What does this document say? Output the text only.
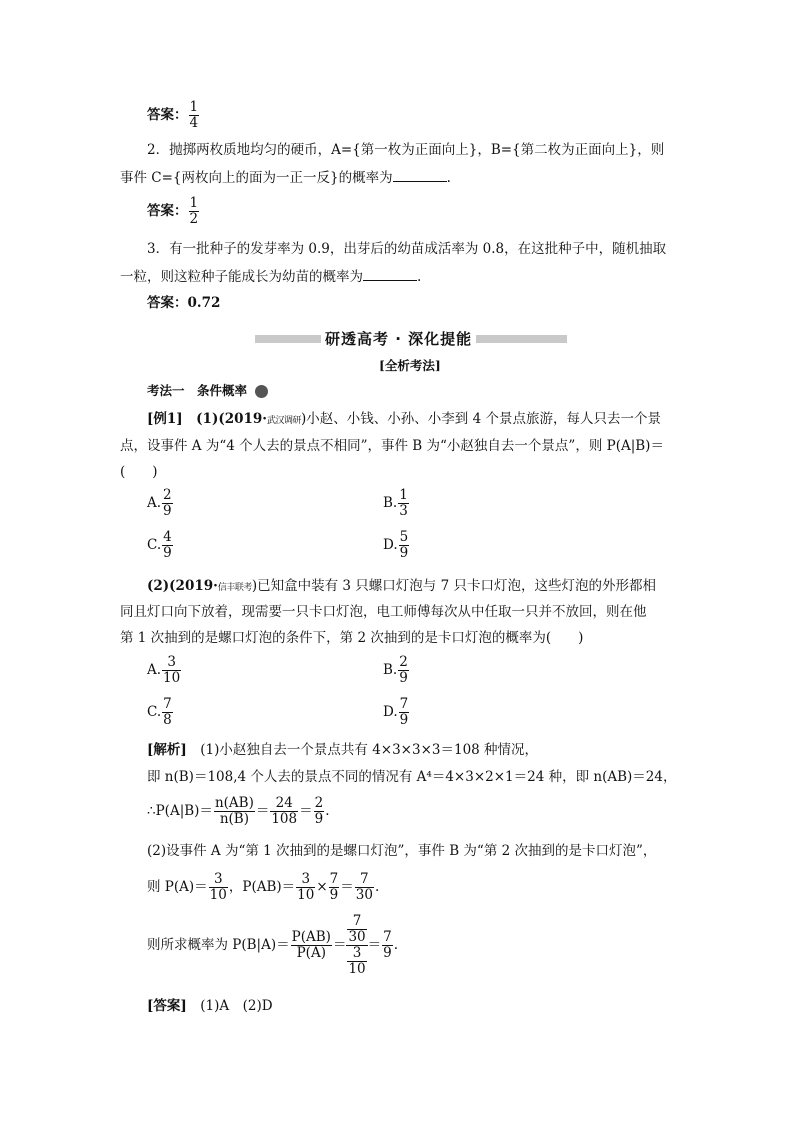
答案： $\frac{1}{4}$
2．抛掷两枚质地均匀的硬币，A={第一枚为正面向上}，B={第二枚为正面向上}，则
事件 C={两枚向上的面为一正一反}的概率为	.
答案： $\frac{1}{2}$
3．有一批种子的发芽率为 0.9，出芽后的幼苗成活率为 0.8，在这批种子中，随机抽取
一粒，则这粒种子能成长为幼苗的概率为	.
答案：0.72
研透高考 · 深化提能
[全析考法]
考法一　条件概率
[例1]　(1)(2019·武汉调研)小赵、小钱、小孙、小李到 4 个景点旅游，每人只去一个景
点，设事件 A 为“4 个人去的景点不相同”，事件 B 为“小赵独自去一个景点”，则 P(A|B)＝
(　　)
A. $\frac{2}{9}$	B. $\frac{1}{3}$
C. $\frac{4}{9}$	D. $\frac{5}{9}$
(2)(2019·信丰联考)已知盒中装有 3 只螺口灯泡与 7 只卡口灯泡，这些灯泡的外形都相
同且灯口向下放着，现需要一只卡口灯泡，电工师傅每次从中任取一只并不放回，则在他
第 1 次抽到的是螺口灯泡的条件下，第 2 次抽到的是卡口灯泡的概率为(　　)
A. $\frac{3}{10}$	B. $\frac{2}{9}$
C. $\frac{7}{8}$	D. $\frac{7}{9}$
[解析]　(1)小赵独自去一个景点共有 4×3×3×3＝108 种情况，
即 n(B)＝108,4 个人去的景点不同的情况有 A⁴＝4×3×2×1＝24 种，即 n(AB)＝24，
∴P(A|B)＝ $\frac{n(AB)}{n(B)} = \frac{24}{108} = \frac{2}{9}$ .
(2)设事件 A 为“第 1 次抽到的是螺口灯泡”，事件 B 为“第 2 次抽到的是卡口灯泡”，
则 $P(A)= \frac{3}{10}$ ，$P(AB)= \frac{3}{10} \times \frac{7}{9} = \frac{7}{30}$ .
则所求概率为 $P(B|A)= \frac{P(AB)}{P(A)} = \frac{\frac{7}{30}}{\frac{3}{10}} = \frac{7}{9}$ .
[答案]　(1)A　(2)D
